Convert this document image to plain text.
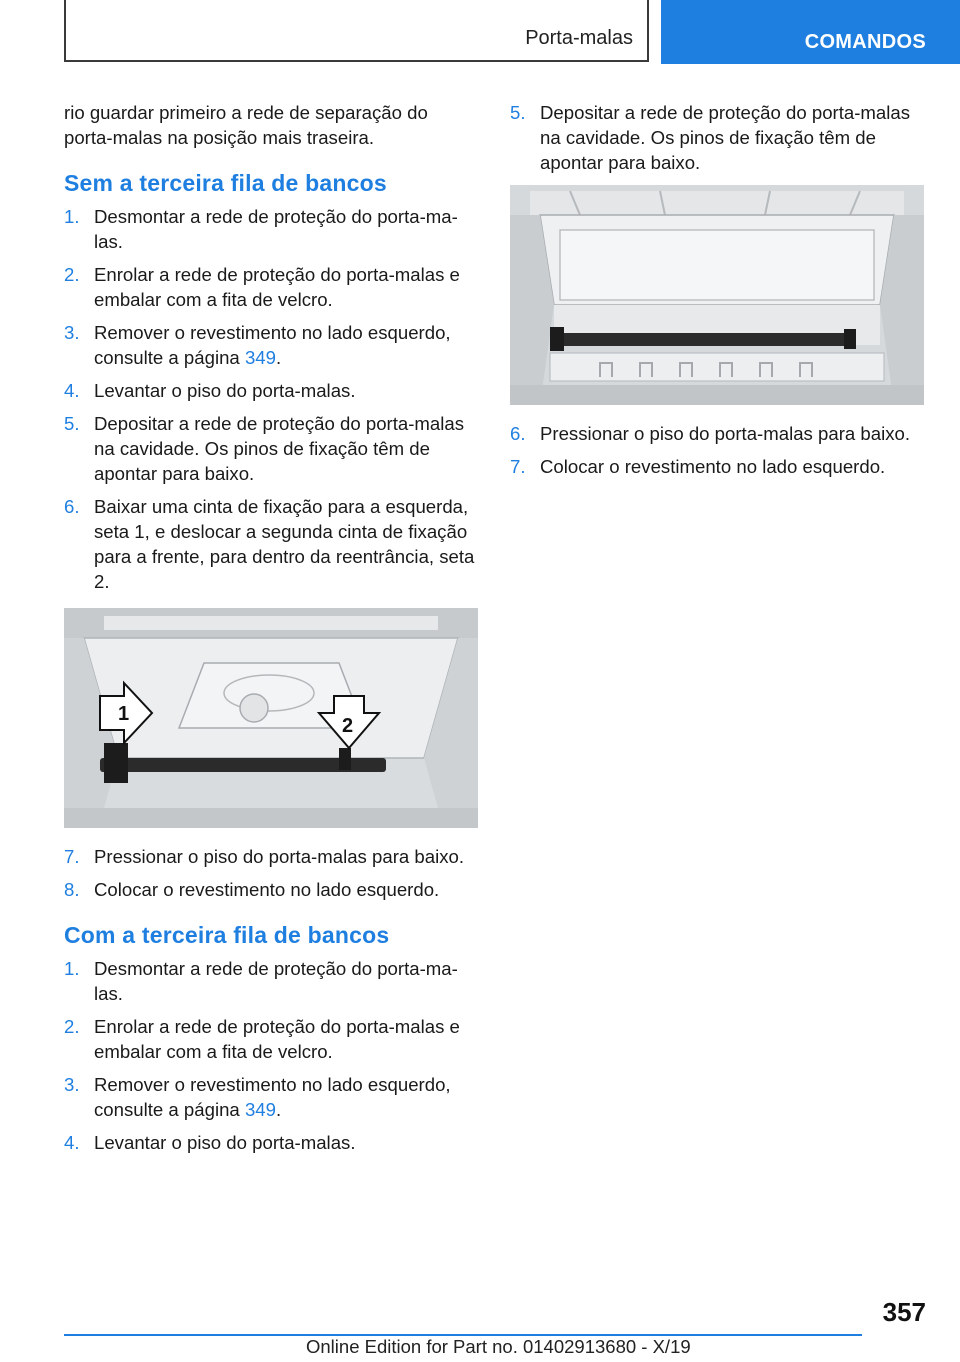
Porta-malas	COMANDOS

rio guardar primeiro a rede de separação do porta-malas na posição mais traseira.

Sem a terceira fila de bancos
1. Desmontar a rede de proteção do porta-ma-las.
2. Enrolar a rede de proteção do porta-malas e embalar com a fita de velcro.
3. Remover o revestimento no lado esquerdo, consulte a página 349.
4. Levantar o piso do porta-malas.
5. Depositar a rede de proteção do porta-malas na cavidade. Os pinos de fixação têm de apontar para baixo.
6. Baixar uma cinta de fixação para a esquerda, seta 1, e deslocar a segunda cinta de fixação para a frente, para dentro da reentrância, seta 2.
1
2
7. Pressionar o piso do porta-malas para baixo.
8. Colocar o revestimento no lado esquerdo.
Com a terceira fila de bancos
1. Desmontar a rede de proteção do porta-ma-las.
2. Enrolar a rede de proteção do porta-malas e embalar com a fita de velcro.
3. Remover o revestimento no lado esquerdo, consulte a página 349.
4. Levantar o piso do porta-malas.
5. Depositar a rede de proteção do porta-malas na cavidade. Os pinos de fixação têm de apontar para baixo.
6. Pressionar o piso do porta-malas para baixo.
7. Colocar o revestimento no lado esquerdo.
357
Online Edition for Part no. 01402913680 - X/19
